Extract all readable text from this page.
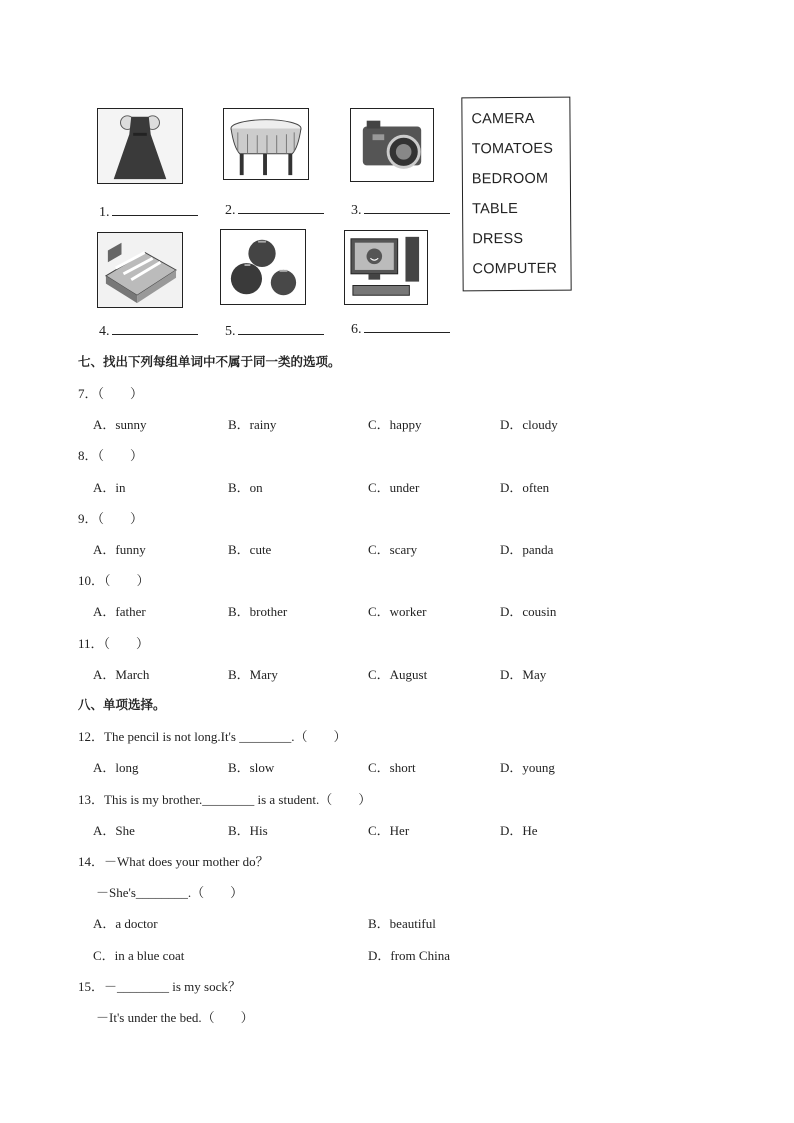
1.	2.	3.
4.	5.	6.
CAMERA
TOMATOES
BEDROOM
TABLE
DRESS
COMPUTER
七、找出下列每组单词中不属于同一类的选项。
7．（　　）
A．sunny	B．rainy	C．happy	D．cloudy
8．（　　）
A．in	B．on	C．under	D．often
9．（　　）
A．funny	B．cute	C．scary	D．panda
10．（　　）
A．father	B．brother	C．worker	D．cousin
11．（　　）
A．March	B．Mary	C．August	D．May
八、单项选择。
12．The pencil is not long.It's ________.（　　）
A．long	B．slow	C．short	D．young
13．This is my brother.________ is a student.（　　）
A．She	B．His	C．Her	D．He
14．－What does your mother do？
－She's________.（　　）
A．a doctor	B．beautiful
C．in a blue coat	D．from China
15．－________ is my sock？
－It's under the bed.（　　）
